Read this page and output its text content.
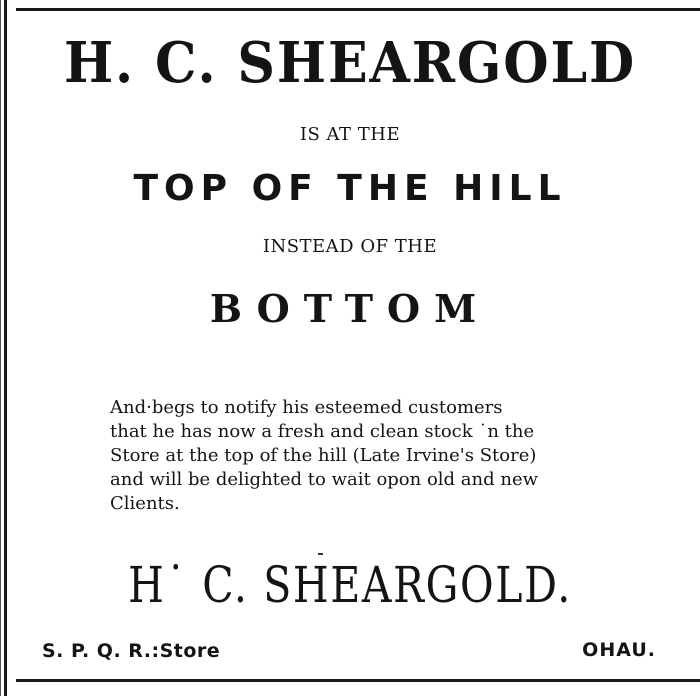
H. C. SHEARGOLD
IS AT THE
TOP OF THE HILL
INSTEAD OF THE
BOTTOM
And·begs to notify his esteemed customers
that he has now a fresh and clean stock ˙n the
Store at the top of the hill (Late Irvine's Store)
and will be delighted to wait opon old and new
Clients.
H˙ C. SHEARGOLD.
S. P. Q. R.:Store	OHAU.
